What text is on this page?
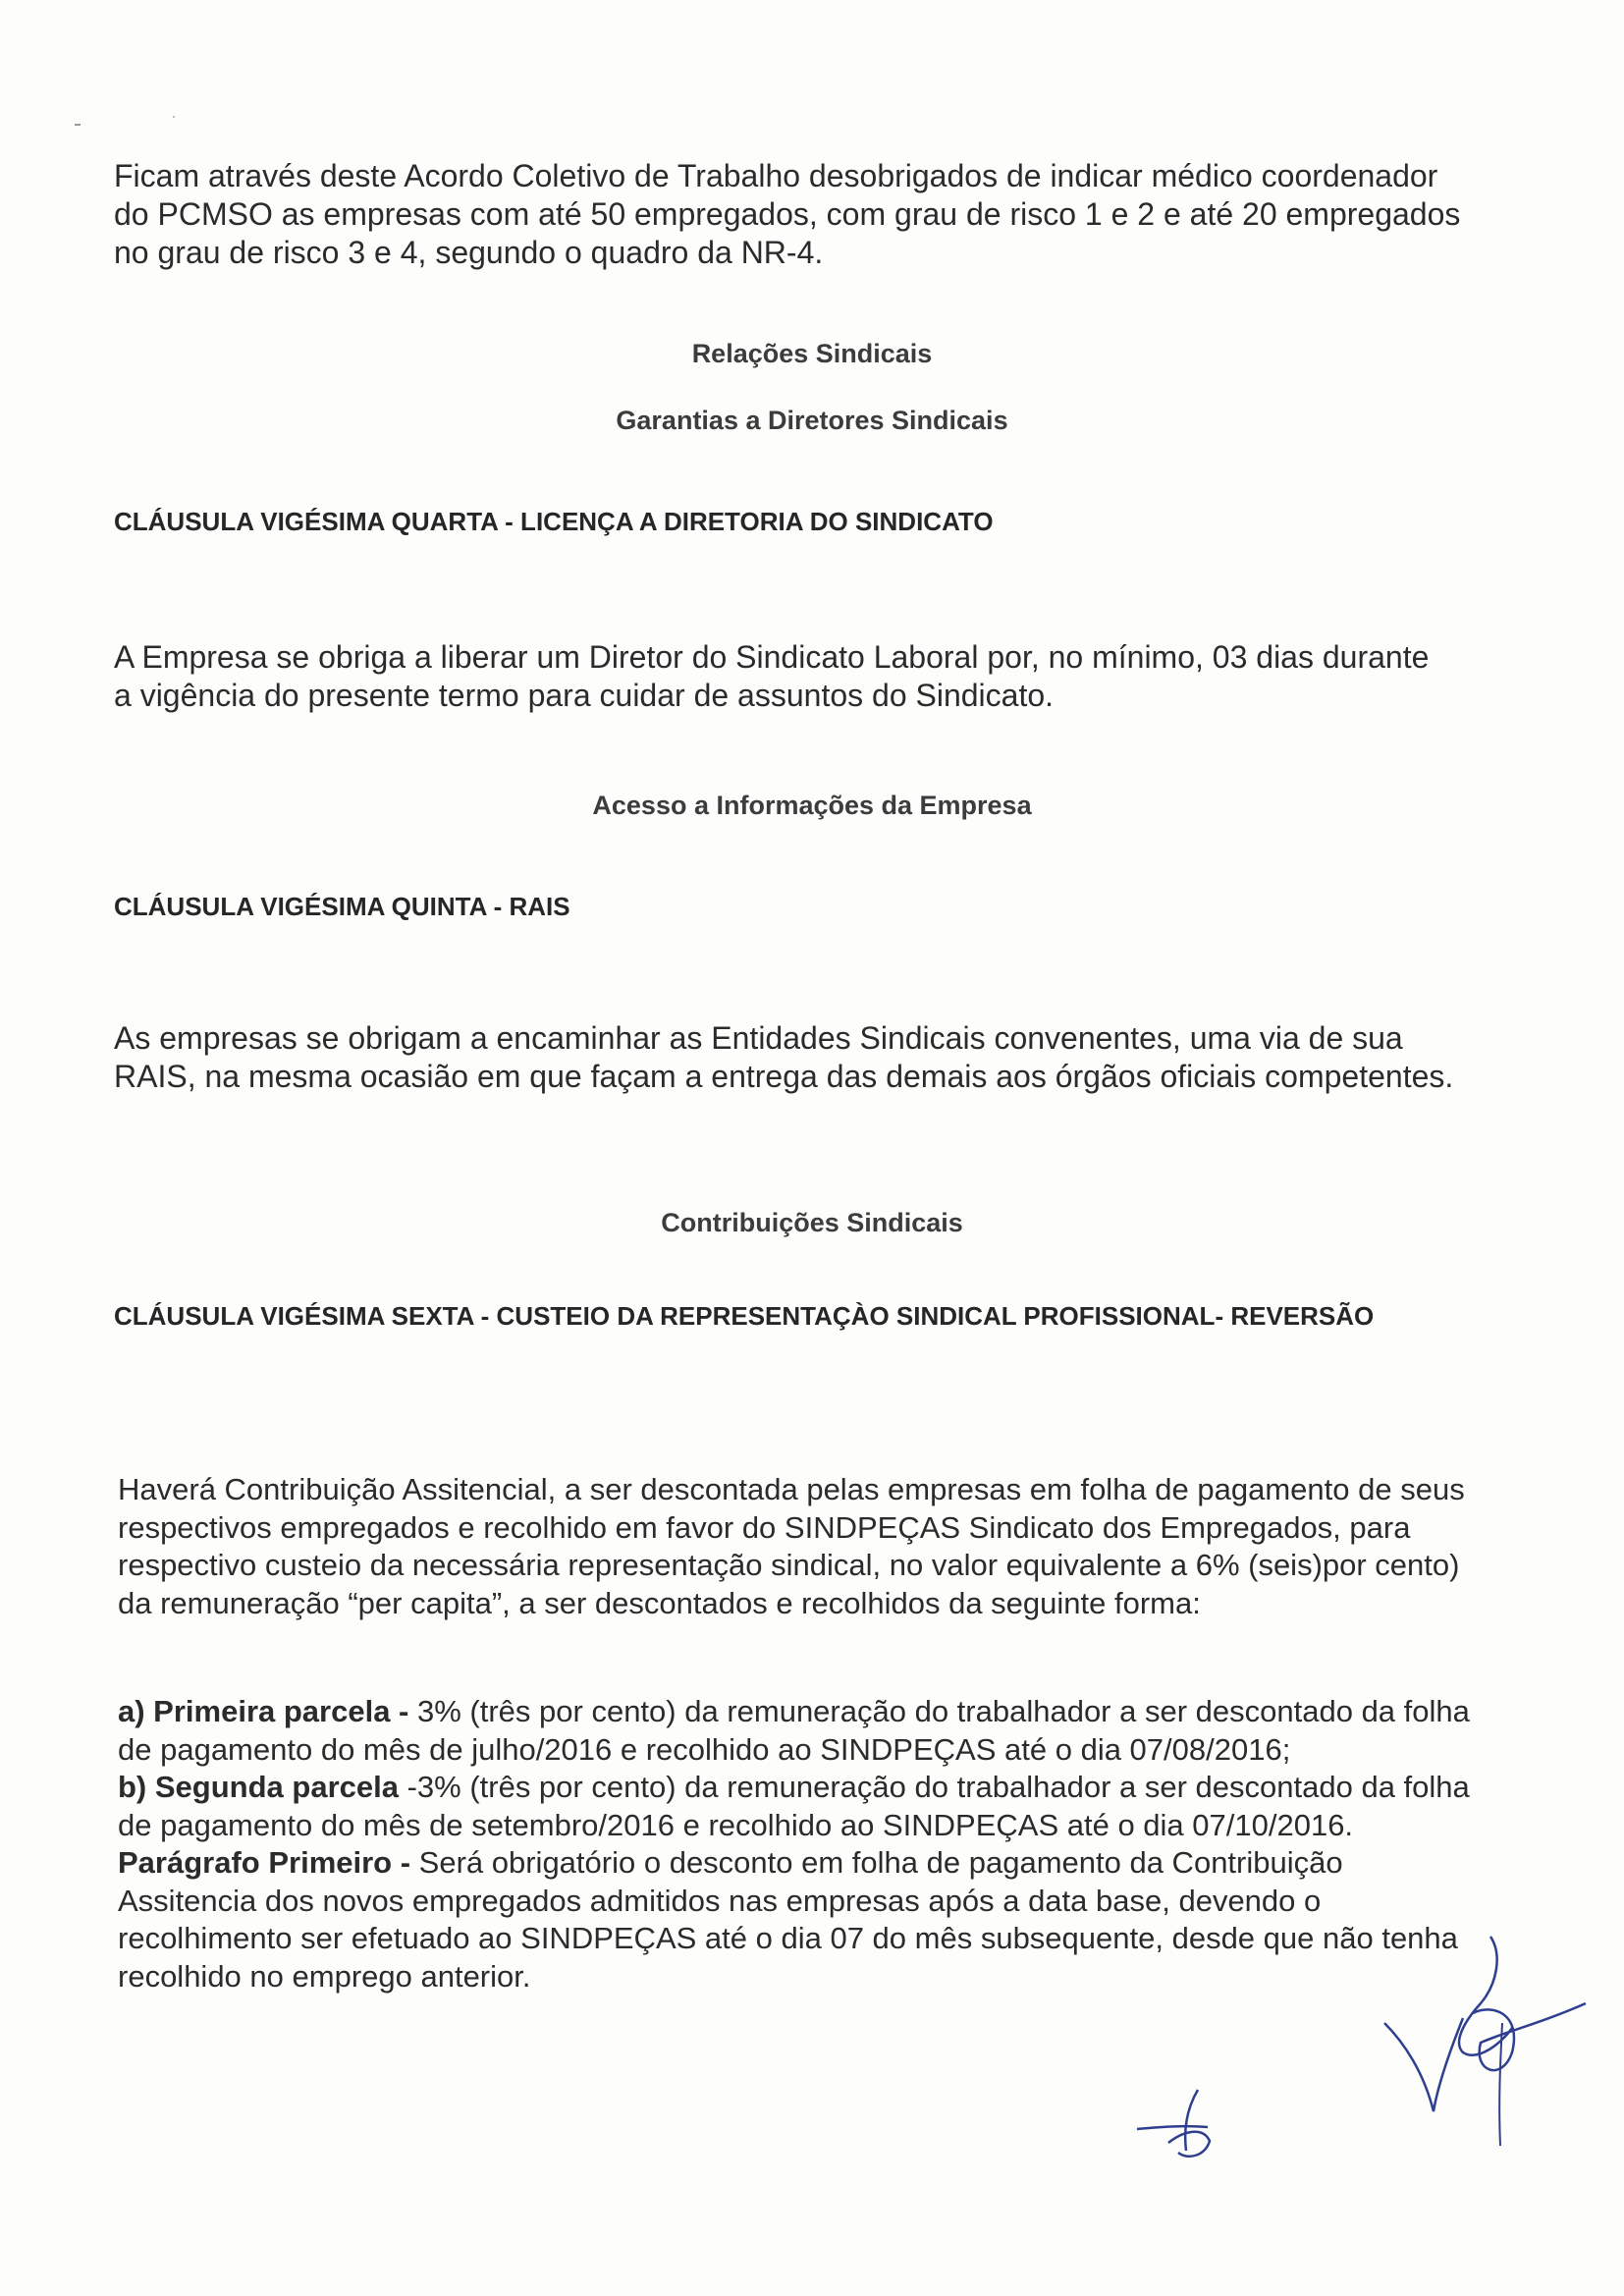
Ficam através deste Acordo Coletivo de Trabalho desobrigados de indicar médico coordenador do PCMSO as empresas com até 50 empregados, com grau de risco 1 e 2 e até 20 empregados no grau de risco 3 e 4, segundo o quadro da NR-4.

Relações Sindicais

Garantias a Diretores Sindicais

CLÁUSULA VIGÉSIMA QUARTA - LICENÇA A DIRETORIA DO SINDICATO

A Empresa se obriga a liberar um Diretor do Sindicato Laboral por, no mínimo, 03 dias durante a vigência do presente termo para cuidar de assuntos do Sindicato.

Acesso a Informações da Empresa

CLÁUSULA VIGÉSIMA QUINTA - RAIS

As empresas se obrigam a encaminhar as Entidades Sindicais convenentes, uma via de sua RAIS, na mesma ocasião em que façam a entrega das demais aos órgãos oficiais competentes.

Contribuições Sindicais

CLÁUSULA VIGÉSIMA SEXTA - CUSTEIO DA REPRESENTAÇÀO SINDICAL PROFISSIONAL- REVERSÃO

Haverá Contribuição Assitencial, a ser descontada pelas empresas em folha de pagamento de seus respectivos empregados e recolhido em favor do SINDPEÇAS Sindicato dos Empregados, para respectivo custeio da necessária representação sindical, no valor equivalente a 6% (seis)por cento) da remuneração “per capita”, a ser descontados e recolhidos da seguinte forma:

a) Primeira parcela - 3% (três por cento) da remuneração do trabalhador a ser descontado da folha de pagamento do mês de julho/2016 e recolhido ao SINDPEÇAS até o dia 07/08/2016;
b) Segunda parcela -3% (três por cento) da remuneração do trabalhador a ser descontado da folha de pagamento do mês de setembro/2016 e recolhido ao SINDPEÇAS até o dia 07/10/2016.
Parágrafo Primeiro - Será obrigatório o desconto em folha de pagamento da Contribuição Assitencia dos novos empregados admitidos nas empresas após a data base, devendo o recolhimento ser efetuado ao SINDPEÇAS até o dia 07 do mês subsequente, desde que não tenha recolhido no emprego anterior.
